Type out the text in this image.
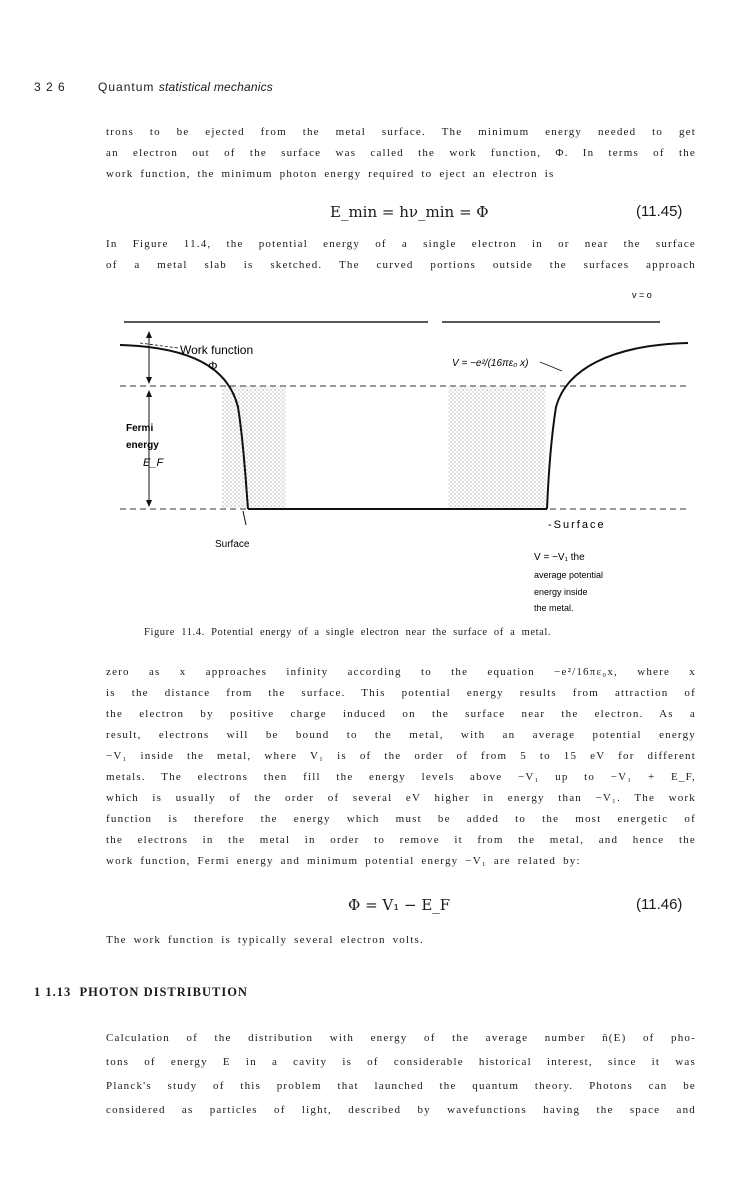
3 2 6	Quantum statistical mechanics

trons to be ejected from the metal surface. The minimum energy needed to get
an electron out of the surface was called the work function, Φ. In terms of the
work function, the minimum photon energy required to eject an electron is

E_min = hν_min = Φ	(11.45)

In Figure 11.4, the potential energy of a single electron in or near the surface
of a metal slab is sketched. The curved portions outside the surfaces approach

v = o
Work function
Φ
Fermi
energy
E_F
V = −e²/(16πε₀ x)
Surface
-Surface
V = −V₁ the
average potential
energy inside
the metal.
Figure 11.4. Potential energy of a single electron near the surface of a metal.

zero as x approaches infinity according to the equation −e²/16πε₀x, where x
is the distance from the surface. This potential energy results from attraction of
the electron by positive charge induced on the surface near the electron. As a
result, electrons will be bound to the metal, with an average potential energy
−V₁ inside the metal, where V₁ is of the order of from 5 to 15 eV for different
metals. The electrons then fill the energy levels above −V₁ up to −V₁ + E_F,
which is usually of the order of several eV higher in energy than −V₁. The work
function is therefore the energy which must be added to the most energetic of
the electrons in the metal in order to remove it from the metal, and hence the
work function, Fermi energy and minimum potential energy −V₁ are related by:

Φ = V₁ − E_F	(11.46)

The work function is typically several electron volts.

1 1.13 PHOTON DISTRIBUTION

Calculation of the distribution with energy of the average number n̄(E) of pho-
tons of energy E in a cavity is of considerable historical interest, since it was
Planck's study of this problem that launched the quantum theory. Photons can be
considered as particles of light, described by wavefunctions having the space and
